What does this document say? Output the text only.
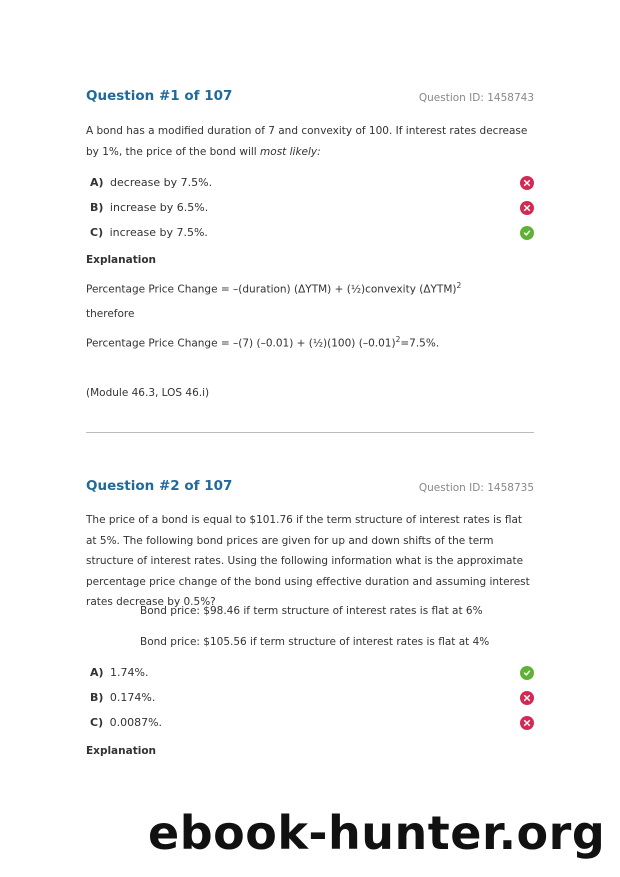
Question #1 of 107	Question ID: 1458743

A bond has a modified duration of 7 and convexity of 100. If interest rates decrease by 1%, the price of the bond will most likely:

A) decrease by 7.5%.
B) increase by 6.5%.
C) increase by 7.5%.
Explanation
Percentage Price Change = –(duration) (ΔYTM) + (½)convexity $(\Delta YTM)^2$
therefore
Percentage Price Change = –(7) (–0.01) + (½)(100) $(-0.01)^2=7.5\%$.
(Module 46.3, LOS 46.i)
Question #2 of 107	Question ID: 1458735

The price of a bond is equal to $101.76 if the term structure of interest rates is flat at 5%. The following bond prices are given for up and down shifts of the term structure of interest rates. Using the following information what is the approximate percentage price change of the bond using effective duration and assuming interest rates decrease by 0.5%?

Bond price: $98.46 if term structure of interest rates is flat at 6%
Bond price: $105.56 if term structure of interest rates is flat at 4%
A) 1.74%.
B) 0.174%.
C) 0.0087%.
Explanation
ebook-hunter.org
